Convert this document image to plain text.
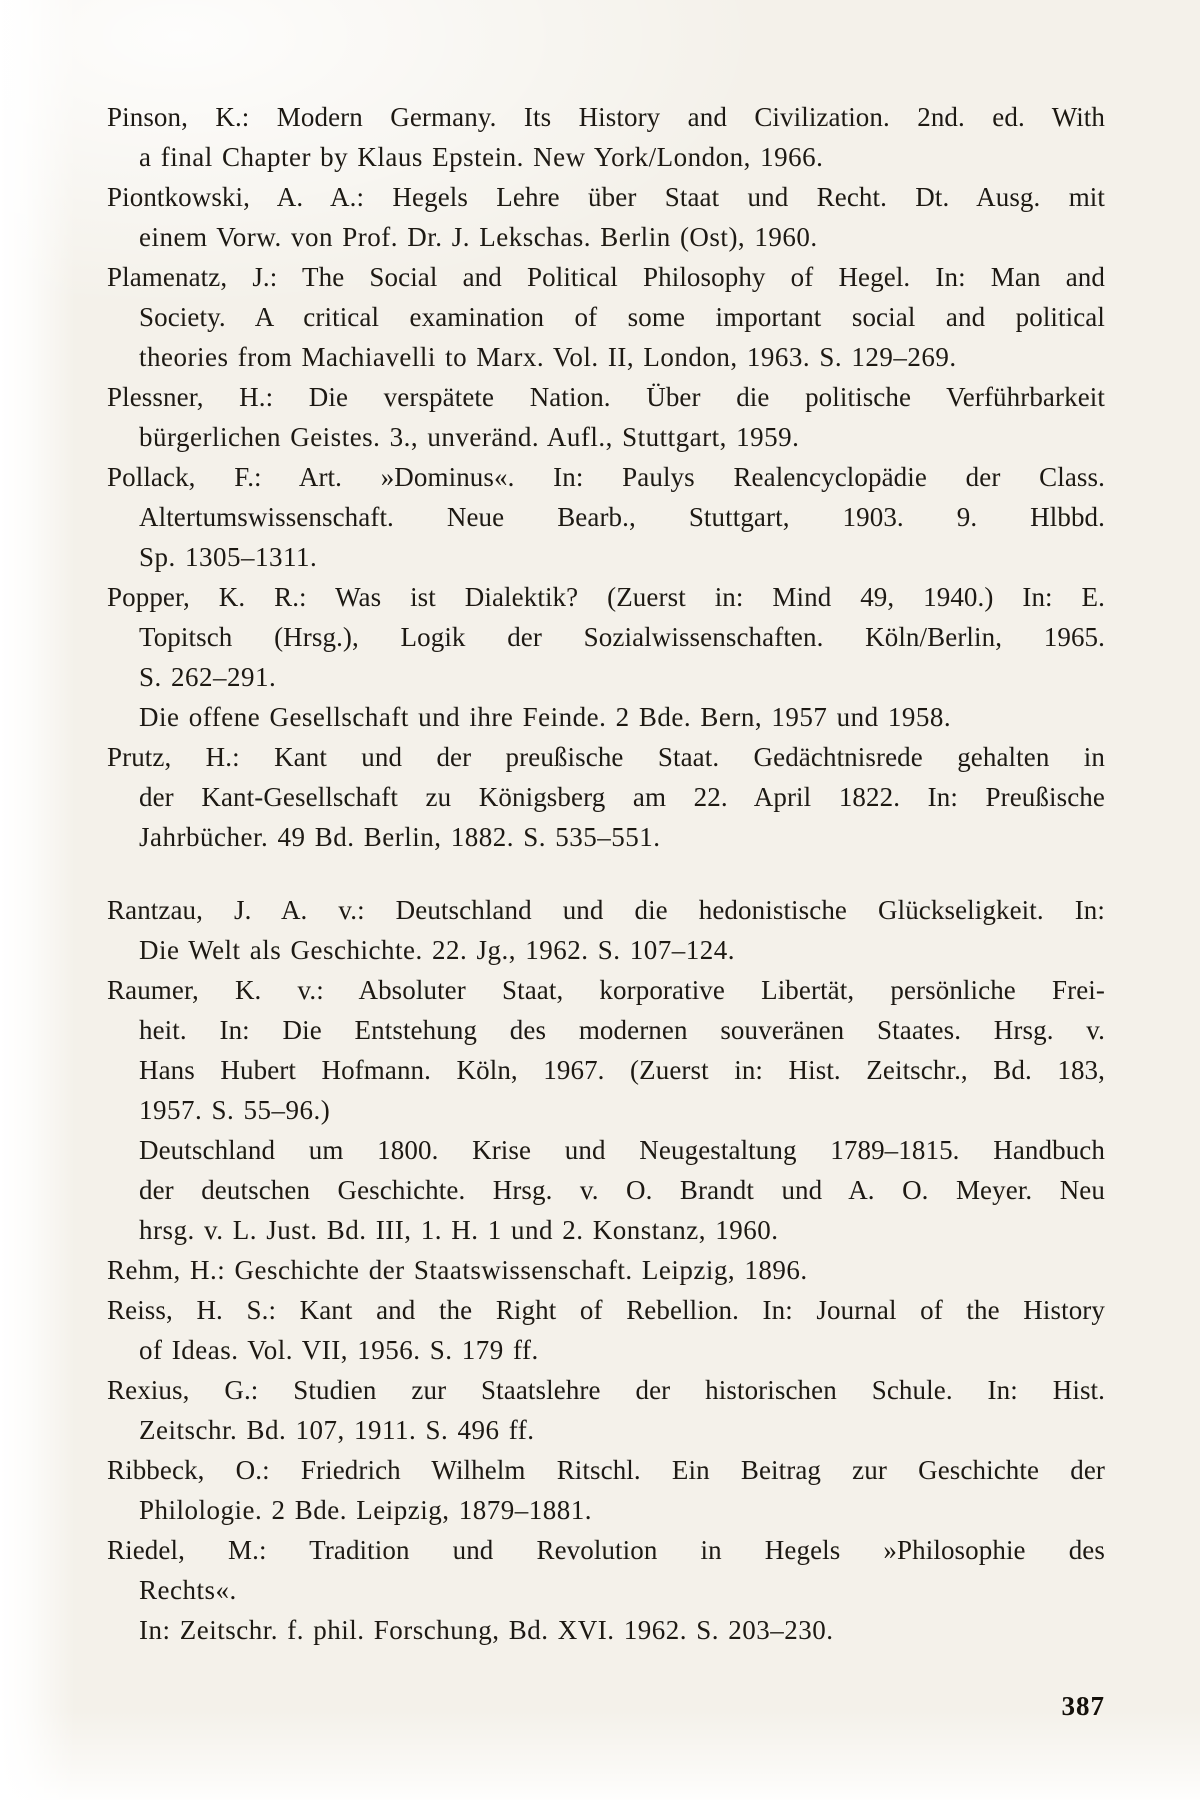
Pinson, K.: Modern Germany. Its History and Civilization. 2nd. ed. With
a final Chapter by Klaus Epstein. New York/London, 1966.
Piontkowski, A. A.: Hegels Lehre über Staat und Recht. Dt. Ausg. mit
einem Vorw. von Prof. Dr. J. Lekschas. Berlin (Ost), 1960.
Plamenatz, J.: The Social and Political Philosophy of Hegel. In: Man and
Society. A critical examination of some important social and political
theories from Machiavelli to Marx. Vol. II, London, 1963. S. 129–269.
Plessner, H.: Die verspätete Nation. Über die politische Verführbarkeit
bürgerlichen Geistes. 3., unveränd. Aufl., Stuttgart, 1959.
Pollack, F.: Art. »Dominus«. In: Paulys Realencyclopädie der Class.
Altertumswissenschaft. Neue Bearb., Stuttgart, 1903. 9. Hlbbd.
Sp. 1305–1311.
Popper, K. R.: Was ist Dialektik? (Zuerst in: Mind 49, 1940.) In: E.
Topitsch (Hrsg.), Logik der Sozialwissenschaften. Köln/Berlin, 1965.
S. 262–291.
Die offene Gesellschaft und ihre Feinde. 2 Bde. Bern, 1957 und 1958.
Prutz, H.: Kant und der preußische Staat. Gedächtnisrede gehalten in
der Kant-Gesellschaft zu Königsberg am 22. April 1822. In: Preußische
Jahrbücher. 49 Bd. Berlin, 1882. S. 535–551.
Rantzau, J. A. v.: Deutschland und die hedonistische Glückseligkeit. In:
Die Welt als Geschichte. 22. Jg., 1962. S. 107–124.
Raumer, K. v.: Absoluter Staat, korporative Libertät, persönliche Frei-
heit. In: Die Entstehung des modernen souveränen Staates. Hrsg. v.
Hans Hubert Hofmann. Köln, 1967. (Zuerst in: Hist. Zeitschr., Bd. 183,
1957. S. 55–96.)
Deutschland um 1800. Krise und Neugestaltung 1789–1815. Handbuch
der deutschen Geschichte. Hrsg. v. O. Brandt und A. O. Meyer. Neu
hrsg. v. L. Just. Bd. III, 1. H. 1 und 2. Konstanz, 1960.
Rehm, H.: Geschichte der Staatswissenschaft. Leipzig, 1896.
Reiss, H. S.: Kant and the Right of Rebellion. In: Journal of the History
of Ideas. Vol. VII, 1956. S. 179 ff.
Rexius, G.: Studien zur Staatslehre der historischen Schule. In: Hist.
Zeitschr. Bd. 107, 1911. S. 496 ff.
Ribbeck, O.: Friedrich Wilhelm Ritschl. Ein Beitrag zur Geschichte der
Philologie. 2 Bde. Leipzig, 1879–1881.
Riedel, M.: Tradition und Revolution in Hegels »Philosophie des
Rechts«.
In: Zeitschr. f. phil. Forschung, Bd. XVI. 1962. S. 203–230.
387
